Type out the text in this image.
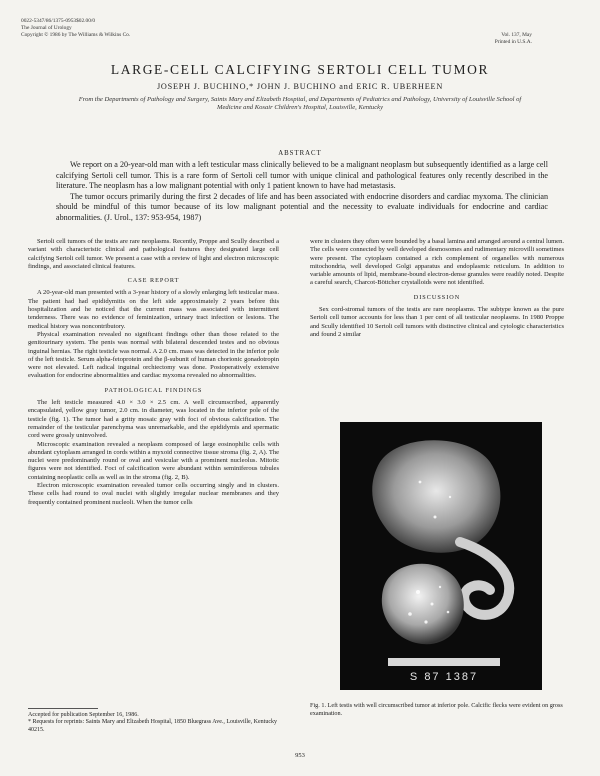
0022-5347/86/1375-0953$02.00/0
The Journal of Urology
Copyright © 1986 by The Williams & Wilkins Co.	Vol. 137, May
Printed in U.S.A.
LARGE-CELL CALCIFYING SERTOLI CELL TUMOR
JOSEPH J. BUCHINO,* JOHN J. BUCHINO and ERIC R. UBERHEEN
From the Departments of Pathology and Surgery, Saints Mary and Elizabeth Hospital, and Departments of Pediatrics and Pathology, University of Louisville School of Medicine and Kosair Children's Hospital, Louisville, Kentucky
ABSTRACT

We report on a 20-year-old man with a left testicular mass clinically believed to be a malignant neoplasm but subsequently identified as a large cell calcifying Sertoli cell tumor. This is a rare form of Sertoli cell tumor with unique clinical and pathological features only recently described in the literature. The neoplasm has a low malignant potential with only 1 patient known to have had metastasis.

The tumor occurs primarily during the first 2 decades of life and has been associated with endocrine disorders and cardiac myxoma. The clinician should be mindful of this tumor because of its low malignant potential and the necessity to evaluate individuals for endocrine and cardiac abnormalities. (J. Urol., 137: 953-954, 1987)

Sertoli cell tumors of the testis are rare neoplasms. Recently, Proppe and Scully described a variant with characteristic clinical and pathological features they designated large cell calcifying Sertoli cell tumor. We present a case with a review of light and electron microscopic findings, and associated clinical features.

CASE REPORT

A 20-year-old man presented with a 3-year history of a slowly enlarging left testicular mass. The patient had had epididymitis on the left side approximately 2 years before this hospitalization and he noticed that the current mass was associated with intermittent tenderness. There was no evidence of feminization, urinary tract infection or lesions. The medical history was noncontributory.

Physical examination revealed no significant findings other than those related to the genitourinary system. The penis was normal with bilateral descended testes and no obvious inguinal hernias. The right testicle was normal. A 2.0 cm. mass was detected in the inferior pole of the left testicle. Serum alpha-fetoprotein and the β-subunit of human chorionic gonadotropin were not elevated. Left radical inguinal orchiectomy was done. Postoperatively extensive evaluation for endocrine abnormalities and cardiac myxoma revealed no abnormalities.

PATHOLOGICAL FINDINGS

The left testicle measured 4.0 × 3.0 × 2.5 cm. A well circumscribed, apparently encapsulated, yellow gray tumor, 2.0 cm. in diameter, was located in the inferior pole of the testicle (fig. 1). The tumor had a gritty mosaic gray with foci of obvious calcification. The remainder of the testicular parenchyma was unremarkable, and the epididymis and spermatic cord were grossly uninvolved.

Microscopic examination revealed a neoplasm composed of large eosinophilic cells with abundant cytoplasm arranged in cords within a myxoid connective tissue stroma (fig. 2, A). The nuclei were predominantly round or oval and vesicular with a prominent nucleolus. Mitotic figures were not identified. Foci of calcification were abundant within seminiferous tubules containing neoplastic cells as well as in the stroma (fig. 2, B).

Electron microscopic examination revealed tumor cells occurring singly and in clusters. These cells had round to oval nuclei with slightly irregular nuclear membranes and they frequently contained prominent nucleoli. When the tumor cells

Accepted for publication September 16, 1986.
* Requests for reprints: Saints Mary and Elizabeth Hospital, 1850 Bluegrass Ave., Louisville, Kentucky 40215.

were in clusters they often were bounded by a basal lamina and arranged around a central lumen. The cells were connected by well developed desmosomes and rudimentary microvilli sometimes were present. The cytoplasm contained a rich complement of organelles with numerous mitochondria, well developed Golgi apparatus and endoplasmic reticulum. In addition to variable amounts of lipid, membrane-bound electron-dense granules were readily noted. Despite a careful search, Charcot-Böttcher crystalloids were not identified.

DISCUSSION

Sex cord-stromal tumors of the testis are rare neoplasms. The subtype known as the pure Sertoli cell tumor accounts for less than 1 per cent of all testicular neoplasms. In 1980 Proppe and Scully identified 10 Sertoli cell tumors with distinctive clinical and cytologic characteristics and found 2 similar

S 87 1387
Fig. 1. Left testis with well circumscribed tumor at inferior pole. Calcific flecks were evident on gross examination.
953
